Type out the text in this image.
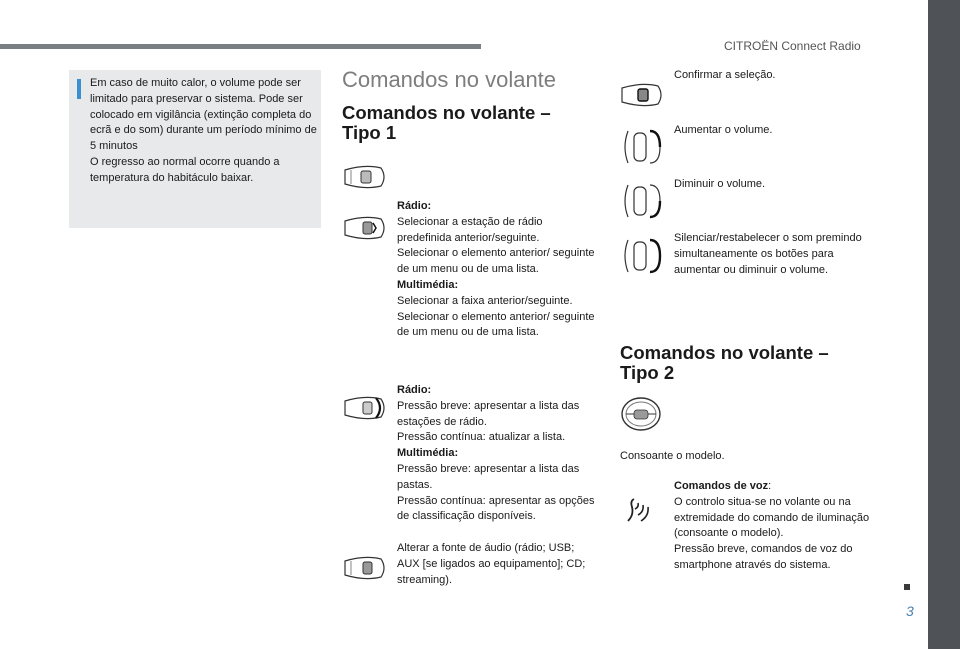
CITROËN Connect Radio
3
Em caso de muito calor, o volume pode ser limitado para preservar o sistema. Pode ser colocado em vigilância (extinção completa do ecrã e do som) durante um período mínimo de 5 minutos
O regresso ao normal ocorre quando a temperatura do habitáculo baixar.
Comandos no volante
Comandos no volante – Tipo 1
Rádio:
Selecionar a estação de rádio predefinida anterior/seguinte.
Selecionar o elemento anterior/ seguinte de um menu ou de uma lista.
Multimédia:
Selecionar a faixa anterior/seguinte.
Selecionar o elemento anterior/ seguinte de um menu ou de uma lista.
Rádio:
Pressão breve: apresentar a lista das estações de rádio.
Pressão contínua: atualizar a lista.
Multimédia:
Pressão breve: apresentar a lista das pastas.
Pressão contínua: apresentar as opções de classificação disponíveis.
Alterar a fonte de áudio (rádio; USB; AUX [se ligados ao equipamento]; CD; streaming).
Confirmar a seleção.
Aumentar o volume.
Diminuir o volume.
Silenciar/restabelecer o som premindo simultaneamente os botões para aumentar ou diminuir o volume.
Comandos no volante – Tipo 2
Consoante o modelo.
Comandos de voz:
O controlo situa-se no volante ou na extremidade do comando de iluminação (consoante o modelo).
Pressão breve, comandos de voz do smartphone através do sistema.
